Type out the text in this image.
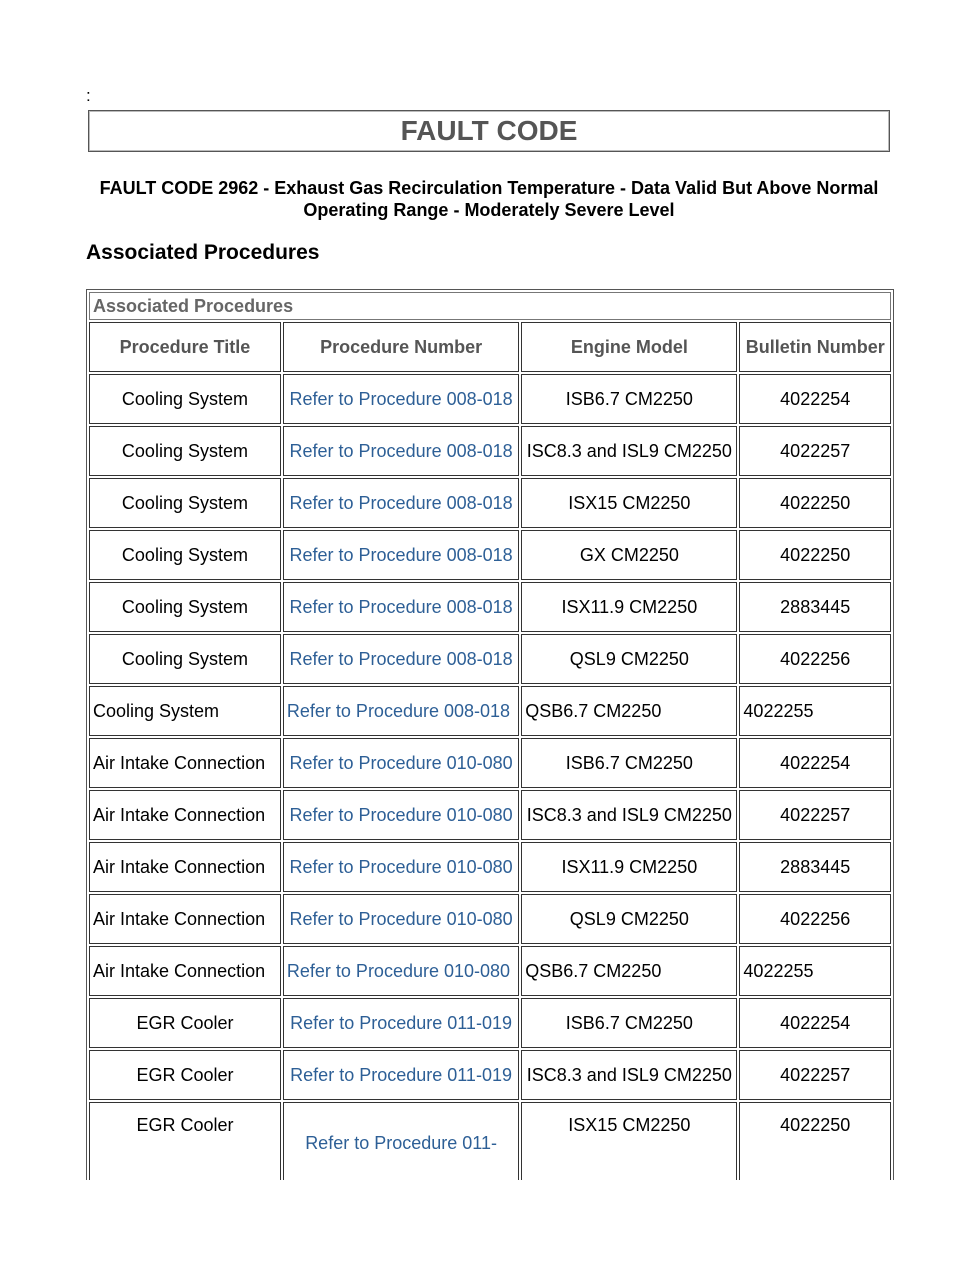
:
FAULT CODE
FAULT CODE 2962 - Exhaust Gas Recirculation Temperature - Data Valid But Above Normal Operating Range - Moderately Severe Level
Associated Procedures
Associated Procedures			
Procedure Title	Procedure Number	Engine Model	Bulletin Number
Cooling System	Refer to Procedure 008-018	ISB6.7 CM2250	4022254
Cooling System	Refer to Procedure 008-018	ISC8.3 and ISL9 CM2250	4022257
Cooling System	Refer to Procedure 008-018	ISX15 CM2250	4022250
Cooling System	Refer to Procedure 008-018	GX CM2250	4022250
Cooling System	Refer to Procedure 008-018	ISX11.9 CM2250	2883445
Cooling System	Refer to Procedure 008-018	QSL9 CM2250	4022256
Cooling System	Refer to Procedure 008-018	QSB6.7 CM2250	4022255
Air Intake Connection	Refer to Procedure 010-080	ISB6.7 CM2250	4022254
Air Intake Connection	Refer to Procedure 010-080	ISC8.3 and ISL9 CM2250	4022257
Air Intake Connection	Refer to Procedure 010-080	ISX11.9 CM2250	2883445
Air Intake Connection	Refer to Procedure 010-080	QSL9 CM2250	4022256
Air Intake Connection	Refer to Procedure 010-080	QSB6.7 CM2250	4022255
EGR Cooler	Refer to Procedure 011-019	ISB6.7 CM2250	4022254
EGR Cooler	Refer to Procedure 011-019	ISC8.3 and ISL9 CM2250	4022257
EGR Cooler	Refer to Procedure 011-	ISX15 CM2250	4022250
